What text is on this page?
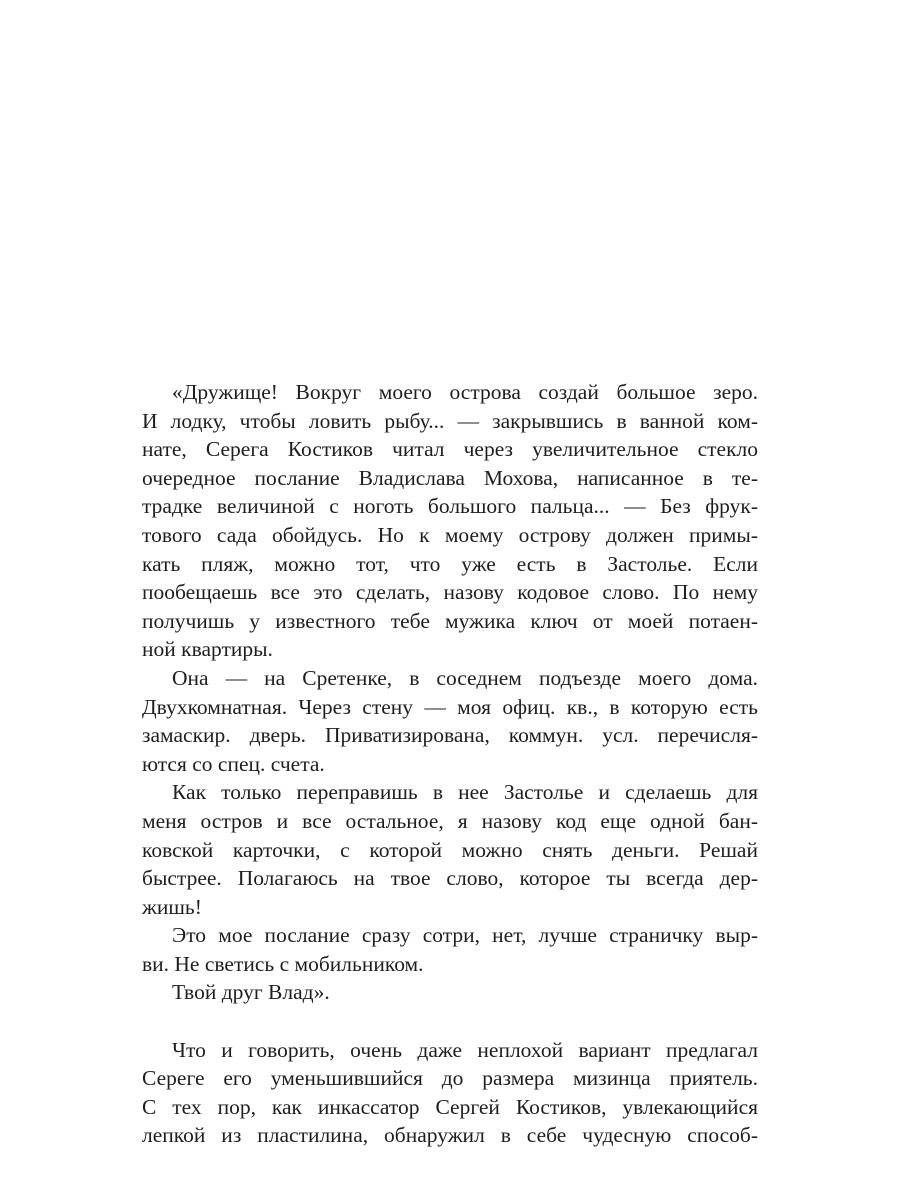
«Дружище! Вокруг моего острова создай большое зеро.
И лодку, чтобы ловить рыбу... — закрывшись в ванной ком-
нате, Серега Костиков читал через увеличительное стекло
очередное послание Владислава Мохова, написанное в те-
традке величиной с ноготь большого пальца... — Без фрук-
тового сада обойдусь. Но к моему острову должен примы-
кать пляж, можно тот, что уже есть в Застолье. Если
пообещаешь все это сделать, назову кодовое слово. По нему
получишь у известного тебе мужика ключ от моей потаен-
ной квартиры.
Она — на Сретенке, в соседнем подъезде моего дома.
Двухкомнатная. Через стену — моя офиц. кв., в которую есть
замаскир. дверь. Приватизирована, коммун. усл. перечисля-
ются со спец. счета.
Как только переправишь в нее Застолье и сделаешь для
меня остров и все остальное, я назову код еще одной бан-
ковской карточки, с которой можно снять деньги. Решай
быстрее. Полагаюсь на твое слово, которое ты всегда дер-
жишь!
Это мое послание сразу сотри, нет, лучше страничку выр-
ви. Не светись с мобильником.
Твой друг Влад».
Что и говорить, очень даже неплохой вариант предлагал
Сереге его уменьшившийся до размера мизинца приятель.
С тех пор, как инкассатор Сергей Костиков, увлекающийся
лепкой из пластилина, обнаружил в себе чудесную способ-
